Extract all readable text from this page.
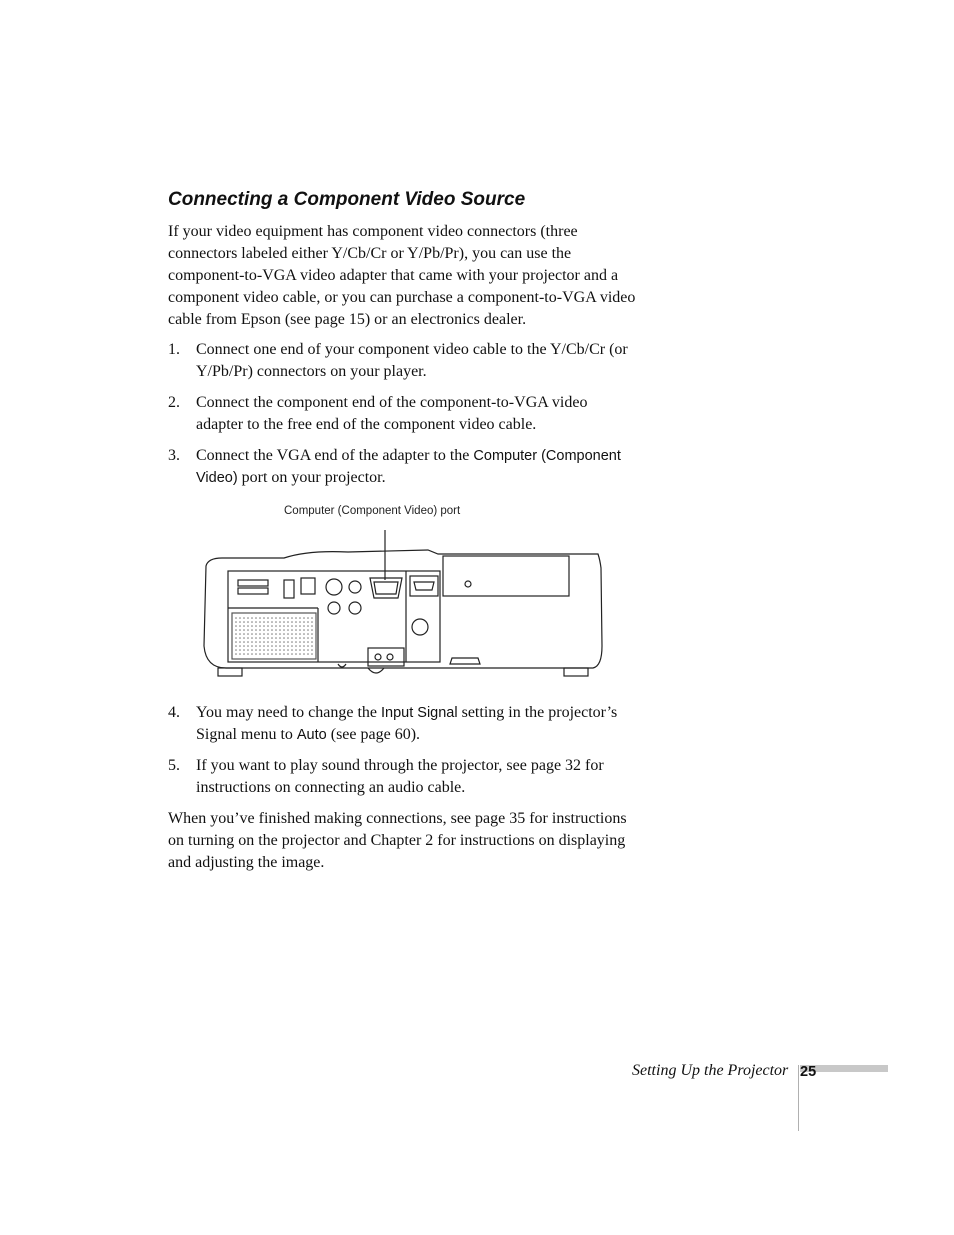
Connecting a Component Video Source

If your video equipment has component video connectors (three connectors labeled either Y/Cb/Cr or Y/Pb/Pr), you can use the component-to-VGA video adapter that came with your projector and a component video cable, or you can purchase a component-to-VGA video cable from Epson (see page 15) or an electronics dealer.

1.	Connect one end of your component video cable to the Y/Cb/Cr (or Y/Pb/Pr) connectors on your player.
2.	Connect the component end of the component-to-VGA video adapter to the free end of the component video cable.
3.	Connect the VGA end of the adapter to the Computer (Component Video) port on your projector.
Computer (Component Video) port
4.	You may need to change the Input Signal setting in the projector’s Signal menu to Auto (see page 60).
5.	If you want to play sound through the projector, see page 32 for instructions on connecting an audio cable.

When you’ve finished making connections, see page 35 for instructions on turning on the projector and Chapter 2 for instructions on displaying and adjusting the image.

Setting Up the Projector 25
